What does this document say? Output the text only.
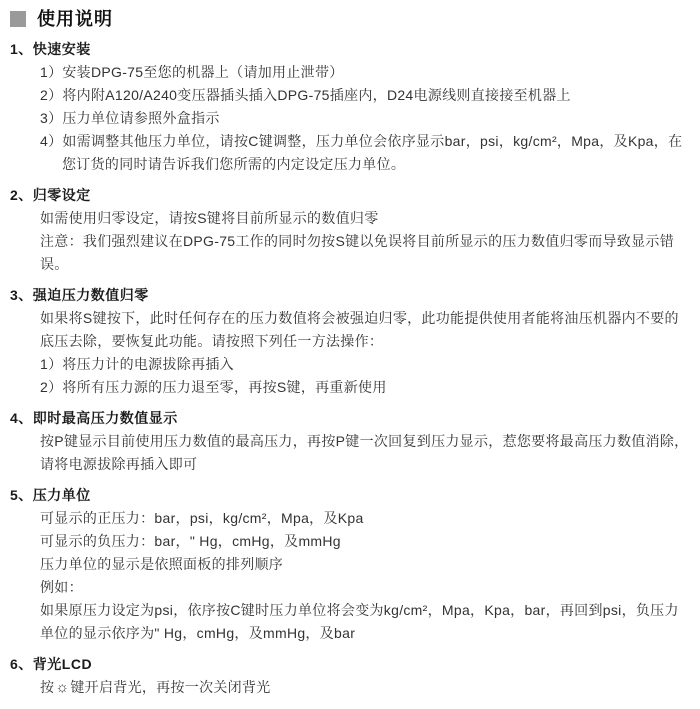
使用说明
1、快速安装

1）安装DPG-75至您的机器上（请加用止泄带）

2）将内附A120/A240变压器插头插入DPG-75插座内，D24电源线则直接接至机器上

3）压力单位请参照外盒指示

4）如需调整其他压力单位，请按C键调整，压力单位会依序显示bar，psi，kg/cm²，Mpa，及Kpa，在您订货的同时请告诉我们您所需的内定设定压力单位。

2、归零设定

如需使用归零设定，请按S键将目前所显示的数值归零

注意：我们强烈建议在DPG-75工作的同时勿按S键以免误将目前所显示的压力数值归零而导致显示错误。

3、强迫压力数值归零

如果将S键按下，此时任何存在的压力数值将会被强迫归零，此功能提供使用者能将油压机器内不要的底压去除，要恢复此功能。请按照下列任一方法操作：

1）将压力计的电源拔除再插入

2）将所有压力源的压力退至零，再按S键，再重新使用

4、即时最高压力数值显示

按P键显示目前使用压力数值的最高压力，再按P键一次回复到压力显示，惹您要将最高压力数值消除，请将电源拔除再插入即可

5、压力单位

可显示的正压力：bar，psi，kg/cm²，Mpa，及Kpa

可显示的负压力：bar，" Hg，cmHg，及mmHg

压力单位的显示是依照面板的排列顺序

例如：

如果原压力设定为psi，依序按C键时压力单位将会变为kg/cm²，Mpa，Kpa，bar，再回到psi，负压力单位的显示依序为" Hg，cmHg，及mmHg，及bar

6、背光LCD

按☼键开启背光，再按一次关闭背光
